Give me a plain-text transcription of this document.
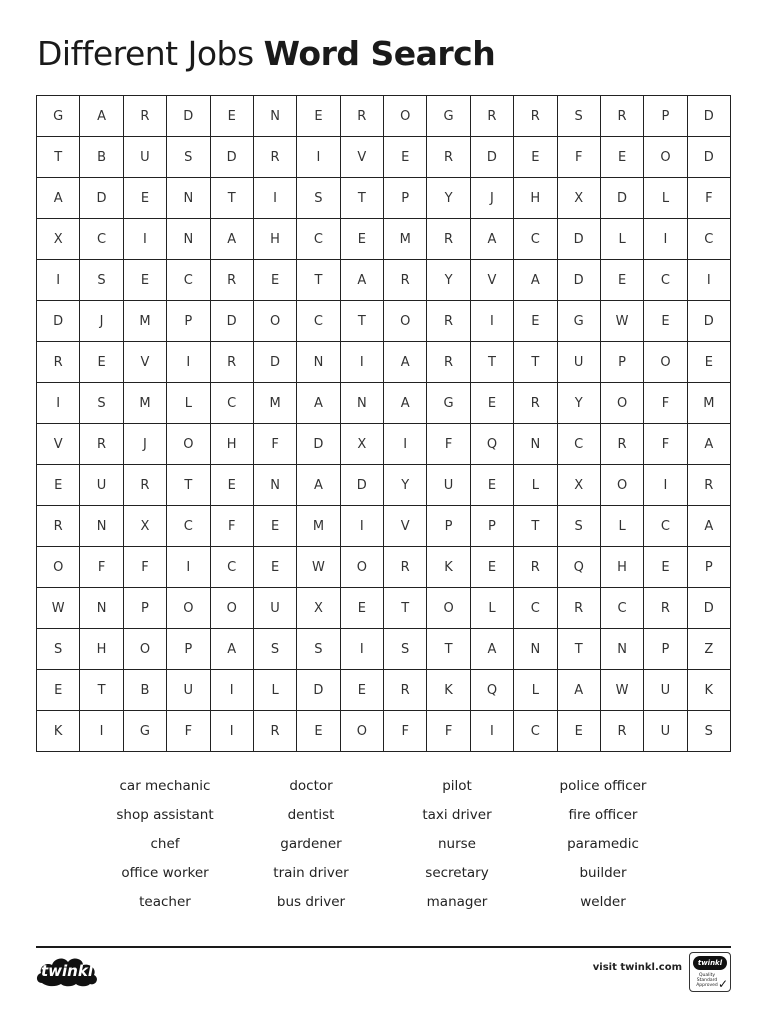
Different Jobs Word Search
G	A	R	D	E	N	E	R	O	G	R	R	S	R	P	D
T	B	U	S	D	R	I	V	E	R	D	E	F	E	O	D
A	D	E	N	T	I	S	T	P	Y	J	H	X	D	L	F
X	C	I	N	A	H	C	E	M	R	A	C	D	L	I	C
I	S	E	C	R	E	T	A	R	Y	V	A	D	E	C	I
D	J	M	P	D	O	C	T	O	R	I	E	G	W	E	D
R	E	V	I	R	D	N	I	A	R	T	T	U	P	O	E
I	S	M	L	C	M	A	N	A	G	E	R	Y	O	F	M
V	R	J	O	H	F	D	X	I	F	Q	N	C	R	F	A
E	U	R	T	E	N	A	D	Y	U	E	L	X	O	I	R
R	N	X	C	F	E	M	I	V	P	P	T	S	L	C	A
O	F	F	I	C	E	W	O	R	K	E	R	Q	H	E	P
W	N	P	O	O	U	X	E	T	O	L	C	R	C	R	D
S	H	O	P	A	S	S	I	S	T	A	N	T	N	P	Z
E	T	B	U	I	L	D	E	R	K	Q	L	A	W	U	K
K	I	G	F	I	R	E	O	F	F	I	C	E	R	U	S
car mechanic	doctor	pilot	police officer
shop assistant	dentist	taxi driver	fire officer
chef	gardener	nurse	paramedic
office worker	train driver	secretary	builder
teacher	bus driver	manager	welder
twinkl	visit twinkl.com	twinkl
Quality Standard Approved ✓
